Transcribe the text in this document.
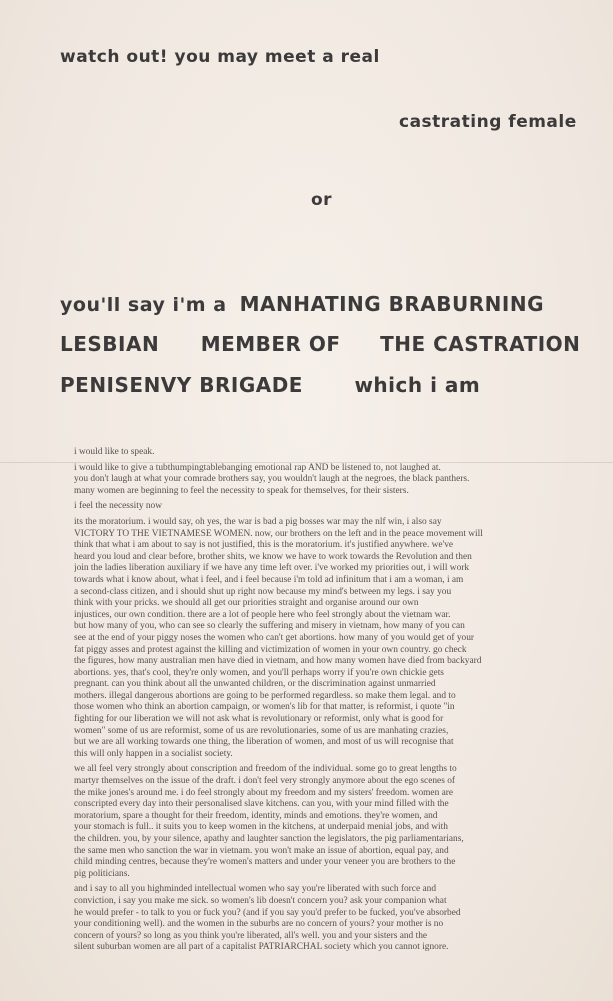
watch out! you may meet a real
castrating female
or
you'll say i'm a MANHATING BRABURNING
LESBIAN MEMBER OF THE CASTRATION
PENISENVY BRIGADE	which i am

i would like to speak.

i would like to give a tubthumpingtablebanging emotional rap AND be listened to, not laughed at.
you don't laugh at what your comrade brothers say, you wouldn't laugh at the negroes, the black panthers.
many women are beginning to feel the necessity to speak for themselves, for their sisters.

i feel the necessity now

its the moratorium. i would say, oh yes, the war is bad a pig bosses war may the nlf win, i also say
VICTORY TO THE VIETNAMESE WOMEN. now, our brothers on the left and in the peace movement will
think that what i am about to say is not justified, this is the moratorium. it's justified anywhere. we've
heard you loud and clear before, brother shits, we know we have to work towards the Revolution and then
join the ladies liberation auxiliary if we have any time left over. i've worked my priorities out, i will work
towards what i know about, what i feel, and i feel because i'm told ad infinitum that i am a woman, i am
a second-class citizen, and i should shut up right now because my mind's between my legs. i say you
think with your pricks. we should all get our priorities straight and organise around our own
injustices, our own condition. there are a lot of people here who feel strongly about the vietnam war.
but how many of you, who can see so clearly the suffering and misery in vietnam, how many of you can
see at the end of your piggy noses the women who can't get abortions. how many of you would get of your
fat piggy asses and protest against the killing and victimization of women in your own country. go check
the figures, how many australian men have died in vietnam, and how many women have died from backyard
abortions. yes, that's cool, they're only women, and you'll perhaps worry if you're own chickie gets
pregnant. can you think about all the unwanted children, or the discrimination against unmarried
mothers. illegal dangerous abortions are going to be performed regardless. so make them legal. and to
those women who think an abortion campaign, or women's lib for that matter, is reformist, i quote "in
fighting for our liberation we will not ask what is revolutionary or reformist, only what is good for
women" some of us are reformist, some of us are revolutionaries, some of us are manhating crazies,
but we are all working towards one thing, the liberation of women, and most of us will recognise that
this will only happen in a socialist society.

we all feel very strongly about conscription and freedom of the individual. some go to great lengths to
martyr themselves on the issue of the draft. i don't feel very strongly anymore about the ego scenes of
the mike jones's around me. i do feel strongly about my freedom and my sisters' freedom. women are
conscripted every day into their personalised slave kitchens. can you, with your mind filled with the
moratorium, spare a thought for their freedom, identity, minds and emotions. they're women, and
your stomach is full.. it suits you to keep women in the kitchens, at underpaid menial jobs, and with
the children. you, by your silence, apathy and laughter sanction the legislators, the pig parliamentarians,
the same men who sanction the war in vietnam. you won't make an issue of abortion, equal pay, and
child minding centres, because they're women's matters and under your veneer you are brothers to the
pig politicians.

and i say to all you highminded intellectual women who say you're liberated with such force and
conviction, i say you make me sick. so women's lib doesn't concern you? ask your companion what
he would prefer - to talk to you or fuck you? (and if you say you'd prefer to be fucked, you've absorbed
your conditioning well). and the women in the suburbs are no concern of yours? your mother is no
concern of yours? so long as you think you're liberated, all's well. you and your sisters and the
silent suburban women are all part of a capitalist PATRIARCHAL society which you cannot ignore.
